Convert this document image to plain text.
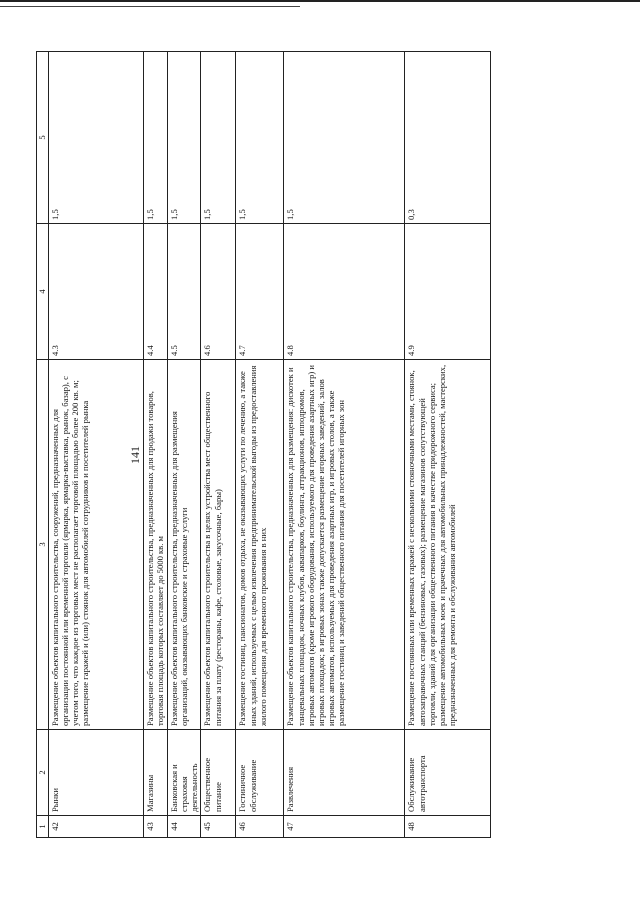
141
1	2	3	4	5
42	Рынки	Размещение объектов капитального строительства, сооружений, предназначенных для организации постоянной или временной торговли (ярмарка, ярмарка-выставка, рынок, базар), с учетом того, что каждое из торговых мест не располагает торговой площадью более 200 кв. м; размещение гаражей и (или) стоянок для автомобилей сотрудников и посетителей рынка	4.3	1,5
43	Магазины	Размещение объектов капитального строительства, предназначенных для продажи товаров, торговая площадь которых составляет до 5000 кв. м	4.4	1,5
44	Банковская и страховая деятельность	Размещение объектов капитального строительства, предназначенных для размещения организаций, оказывающих банковские и страховые услуги	4.5	1,5
45	Общественное питание	Размещение объектов капитального строительства в целях устройства мест общественного питания за плату (рестораны, кафе, столовые, закусочные, бары)	4.6	1,5
46	Гостиничное обслуживание	Размещение гостиниц, пансионатов, домов отдыха, не оказывающих услуги по лечению, а также иных зданий, используемых с целью извлечения предпринимательской выгоды из предоставления жилого помещения для временного проживания в них	4.7	1,5
47	Развлечения	Размещение объектов капитального строительства, предназначенных для размещения: дискотек и танцевальных площадок, ночных клубов, аквапарков, боулинга, аттракционов, ипподромов, игровых автоматов (кроме игрового оборудования, используемого для проведения азартных игр) и игровых площадок; в игровых зонах также допускается размещение игорных заведений, залов игровых автоматов, используемых для проведения азартных игр, и игровых столов, а также размещение гостиниц и заведений общественного питания для посетителей игорных зон	4.8	1,5
48	Обслуживание автотранспорта	Размещение постоянных или временных гаражей с несколькими стояночными местами, стоянок, автозаправочных станций (бензиновых, газовых); размещение магазинов сопутствующей торговли, зданий для организации общественного питания в качестве придорожного сервиса; размещение автомобильных моек и прачечных для автомобильных принадлежностей, мастерских, предназначенных для ремонта и обслуживания автомобилей	4.9	0,3
